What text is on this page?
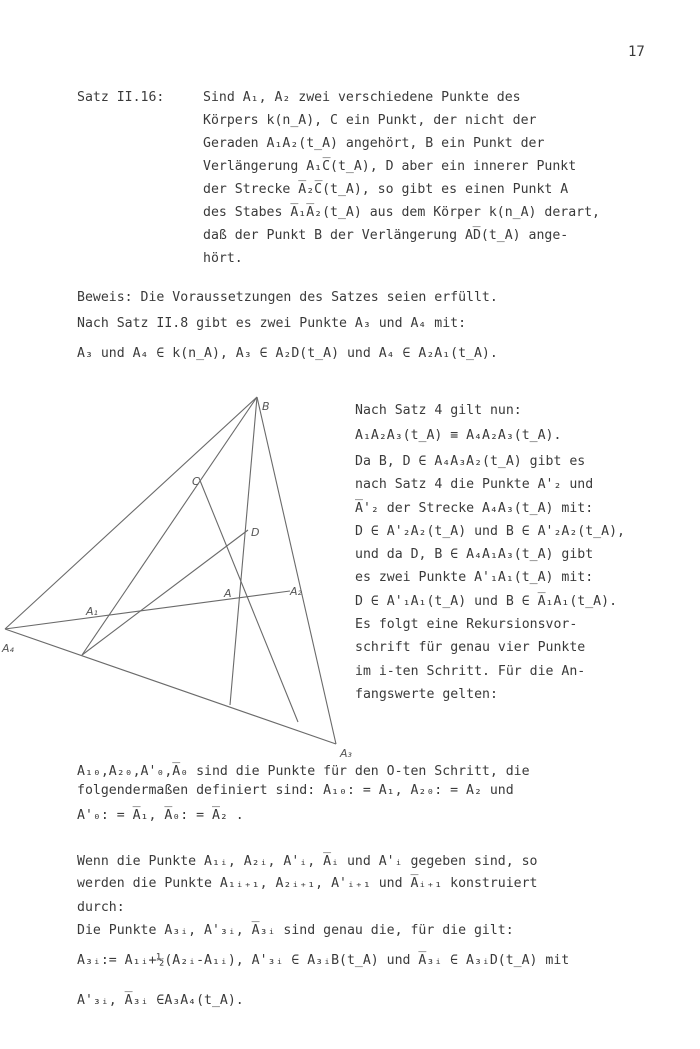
17
Satz II.16:	Sind A₁, A₂ zwei verschiedene Punkte des
Körpers k(n_A), C ein Punkt, der nicht der
Geraden A₁A₂(t_A) angehört, B ein Punkt der
Verlängerung A₁C̅(t_A), D aber ein innerer Punkt
der Strecke A̅₂C̅(t_A), so gibt es einen Punkt A
des Stabes A̅₁A̅₂(t_A) aus dem Körper k(n_A) derart,
daß der Punkt B der Verlängerung AD̅(t_A) ange-
hört.
Beweis: Die Voraussetzungen des Satzes seien erfüllt.
Nach Satz II.8 gibt es zwei Punkte A₃ und A₄ mit:
A₃ und A₄ ∈ k(n_A), A₃ ∈ A₂D(t_A) und A₄ ∈ A₂A₁(t_A).
B
C
D
A
A₁
A₂
A₃
A₄
Nach Satz 4 gilt nun:
A₁A₂A₃(t_A) ≡ A₄A₂A₃(t_A).
Da B, D ∈ A₄A₃A₂(t_A) gibt es
nach Satz 4 die Punkte A'₂ und
A̅'₂ der Strecke A₄A₃(t_A) mit:
D ∈ A'₂A₂(t_A) und B ∈ A'₂A₂(t_A),
und da D, B ∈ A₄A₁A₃(t_A) gibt
es zwei Punkte A'₁A₁(t_A) mit:
D ∈ A'₁A₁(t_A) und B ∈ A̅₁A₁(t_A).
Es folgt eine Rekursionsvor-
schrift für genau vier Punkte
im i-ten Schritt. Für die An-
fangswerte gelten:
A₁₀,A₂₀,A'₀,A̅₀ sind die Punkte für den O-ten Schritt, die
folgendermaßen definiert sind: A₁₀: = A₁, A₂₀: = A₂ und
A'₀: = A̅₁, A̅₀: = A̅₂ .
Wenn die Punkte A₁ᵢ, A₂ᵢ, A'ᵢ, A̅ᵢ und A'ᵢ gegeben sind, so
werden die Punkte A₁ᵢ₊₁, A₂ᵢ₊₁, A'ᵢ₊₁ und A̅ᵢ₊₁ konstruiert
durch:
Die Punkte A₃ᵢ, A'₃ᵢ, A̅₃ᵢ sind genau die, für die gilt:
A₃ᵢ:= A₁ᵢ+½(A₂ᵢ-A₁ᵢ), A'₃ᵢ ∈ A₃ᵢB(t_A) und A̅₃ᵢ ∈ A₃ᵢD(t_A) mit
A'₃ᵢ, A̅₃ᵢ ∈A₃A₄(t_A).
